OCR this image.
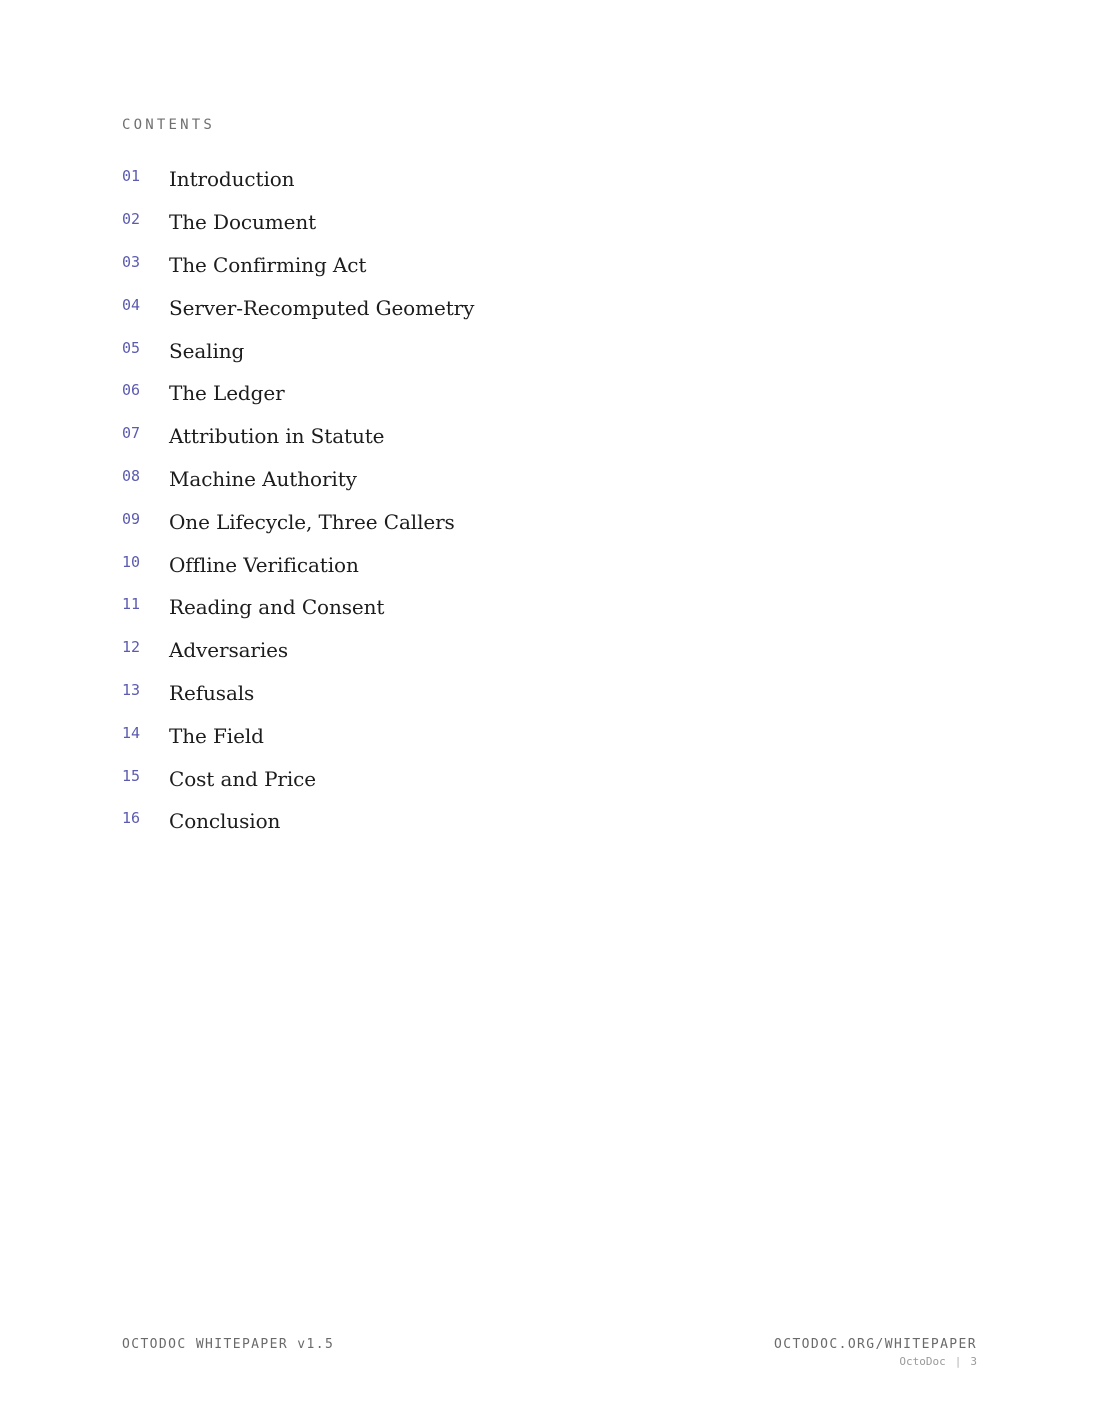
CONTENTS
01	Introduction
02	The Document
03	The Confirming Act
04	Server-Recomputed Geometry
05	Sealing
06	The Ledger
07	Attribution in Statute
08	Machine Authority
09	One Lifecycle, Three Callers
10	Offline Verification
11	Reading and Consent
12	Adversaries
13	Refusals
14	The Field
15	Cost and Price
16	Conclusion
OCTODOC WHITEPAPER v1.5	OCTODOC.ORG/WHITEPAPER
OctoDoc | 3
